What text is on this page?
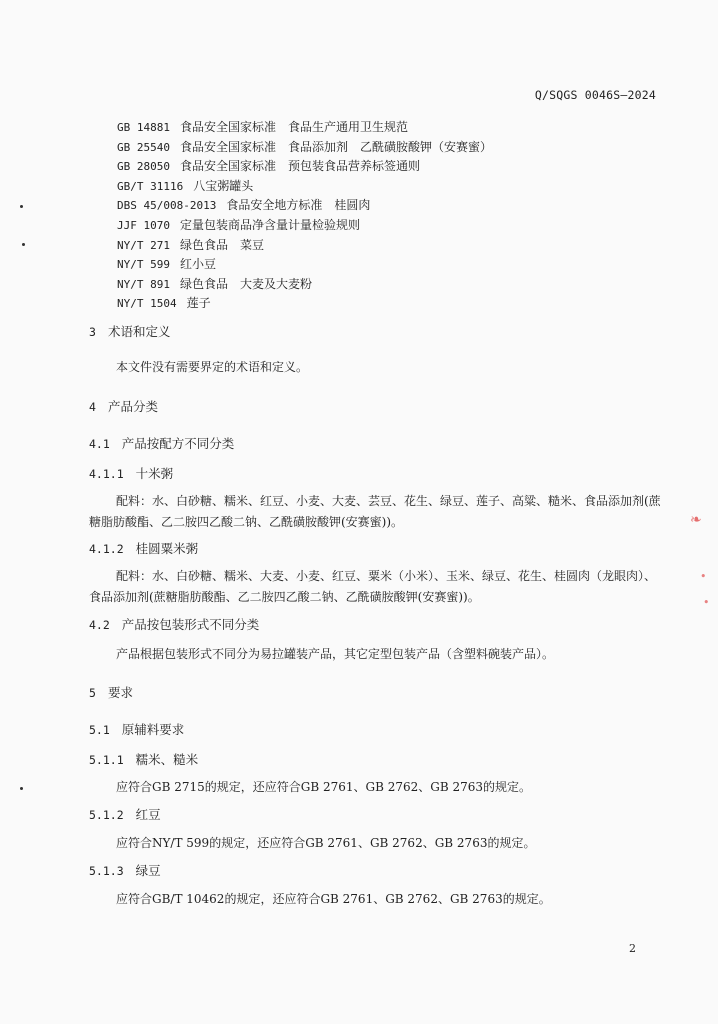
Q/SQGS 0046S—2024
GB 14881 食品安全国家标准　食品生产通用卫生规范
GB 25540 食品安全国家标准　食品添加剂　乙酰磺胺酸钾（安赛蜜）
GB 28050 食品安全国家标准　预包装食品营养标签通则
GB/T 31116 八宝粥罐头
DBS 45/008-2013 食品安全地方标准　桂圆肉
JJF 1070 定量包装商品净含量计量检验规则
NY/T 271 绿色食品　菜豆
NY/T 599 红小豆
NY/T 891 绿色食品　大麦及大麦粉
NY/T 1504 莲子
3 术语和定义
本文件没有需要界定的术语和定义。
4 产品分类
4.1 产品按配方不同分类
4.1.1 十米粥
配料：水、白砂糖、糯米、红豆、小麦、大麦、芸豆、花生、绿豆、莲子、高粱、糙米、食品添加剂(蔗糖脂肪酸酯、乙二胺四乙酸二钠、乙酰磺胺酸钾(安赛蜜))。
4.1.2 桂圆粟米粥
配料：水、白砂糖、糯米、大麦、小麦、红豆、粟米（小米）、玉米、绿豆、花生、桂圆肉（龙眼肉）、食品添加剂(蔗糖脂肪酸酯、乙二胺四乙酸二钠、乙酰磺胺酸钾(安赛蜜))。
4.2 产品按包装形式不同分类
产品根据包装形式不同分为易拉罐装产品，其它定型包装产品（含塑料碗装产品）。
5 要求
5.1 原辅料要求
5.1.1 糯米、糙米
应符合GB 2715的规定，还应符合GB 2761、GB 2762、GB 2763的规定。
5.1.2 红豆
应符合NY/T 599的规定，还应符合GB 2761、GB 2762、GB 2763的规定。
5.1.3 绿豆
应符合GB/T 10462的规定，还应符合GB 2761、GB 2762、GB 2763的规定。
2
❧
•
•
